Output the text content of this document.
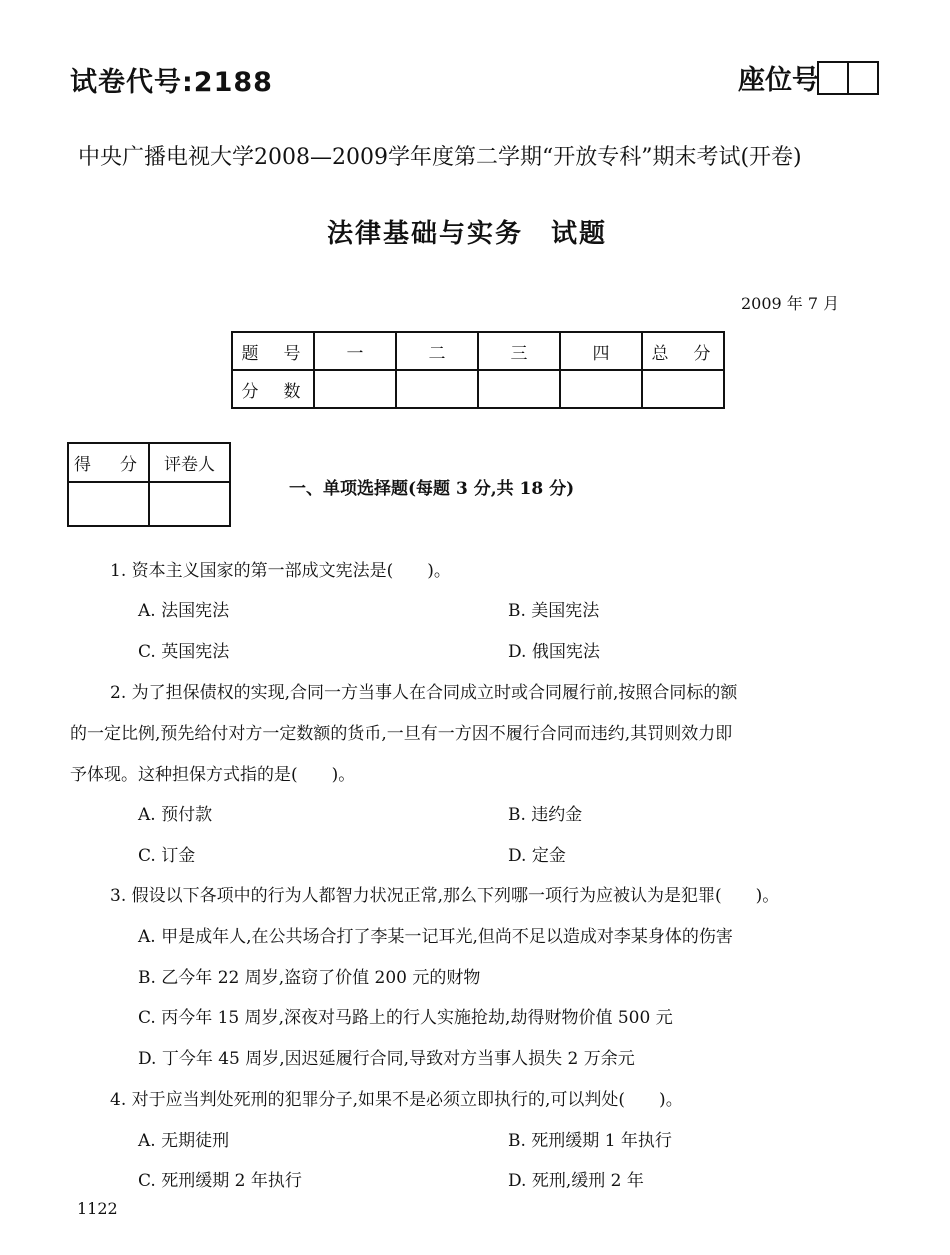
试卷代号:2188	座位号
中央广播电视大学2008—2009学年度第二学期“开放专科”期末考试(开卷)
法律基础与实务　试题
2009 年 7 月
题　号	一	二	三	四	总　分
分　数					
得　分	评卷人

一、单项选择题(每题 3 分,共 18 分)
1. 资本主义国家的第一部成文宪法是(　　)。
A. 法国宪法	B. 美国宪法
C. 英国宪法	D. 俄国宪法
2. 为了担保债权的实现,合同一方当事人在合同成立时或合同履行前,按照合同标的额
的一定比例,预先给付对方一定数额的货币,一旦有一方因不履行合同而违约,其罚则效力即
予体现。这种担保方式指的是(　　)。
A. 预付款	B. 违约金
C. 订金	D. 定金
3. 假设以下各项中的行为人都智力状况正常,那么下列哪一项行为应被认为是犯罪(　　)。
A. 甲是成年人,在公共场合打了李某一记耳光,但尚不足以造成对李某身体的伤害
B. 乙今年 22 周岁,盗窃了价值 200 元的财物
C. 丙今年 15 周岁,深夜对马路上的行人实施抢劫,劫得财物价值 500 元
D. 丁今年 45 周岁,因迟延履行合同,导致对方当事人损失 2 万余元
4. 对于应当判处死刑的犯罪分子,如果不是必须立即执行的,可以判处(　　)。
A. 无期徒刑	B. 死刑缓期 1 年执行
C. 死刑缓期 2 年执行	D. 死刑,缓刑 2 年
1122
